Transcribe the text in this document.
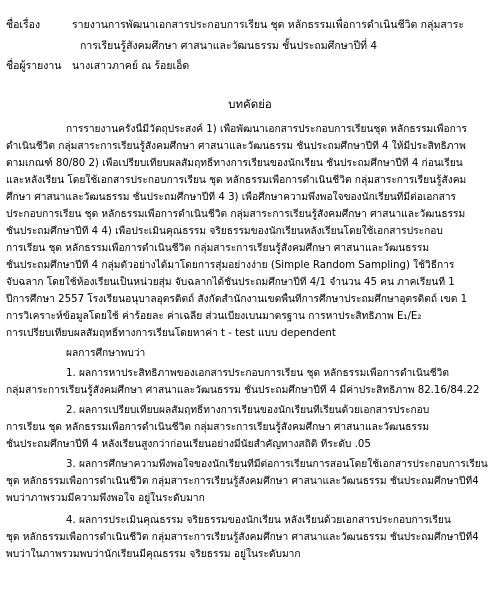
ชื่อเรื่อง	รายงานการพัฒนาเอกสารประกอบการเรียน ชุด หลักธรรมเพื่อการดำเนินชีวิต กลุ่มสาระ
การเรียนรู้สังคมศึกษา ศาสนาและวัฒนธรรม ชั้นประถมศึกษาปีที่ 4
ชื่อผู้รายงาน นางเสาวภาคย์ ณ ร้อยเอ็ด
บทคัดย่อ
การรายงานครั้งนี้มีวัตถุประสงค์ 1) เพื่อพัฒนาเอกสารประกอบการเรียนชุด หลักธรรมเพื่อการ
ดำเนินชีวิต กลุ่มสาระการเรียนรู้สังคมศึกษา ศาสนาและวัฒนธรรม ชั้นประถมศึกษาปีที่ 4 ให้มีประสิทธิภาพ
ตามเกณฑ์ 80/80 2) เพื่อเปรียบเทียบผลสัมฤทธิ์ทางการเรียนของนักเรียน ชั้นประถมศึกษาปีที่ 4 ก่อนเรียน
และหลังเรียน โดยใช้เอกสารประกอบการเรียน ชุด หลักธรรมเพื่อการดำเนินชีวิต กลุ่มสาระการเรียนรู้สังคม
ศึกษา ศาสนาและวัฒนธรรม ชั้นประถมศึกษาปีที่ 4 3) เพื่อศึกษาความพึงพอใจของนักเรียนที่มีต่อเอกสาร
ประกอบการเรียน ชุด หลักธรรมเพื่อการดำเนินชีวิต กลุ่มสาระการเรียนรู้สังคมศึกษา ศาสนาและวัฒนธรรม
ชั้นประถมศึกษาปีที่ 4 4) เพื่อประเมินคุณธรรม จริยธรรมของนักเรียนหลังเรียนโดยใช้เอกสารประกอบ
การเรียน ชุด หลักธรรมเพื่อการดำเนินชีวิต กลุ่มสาระการเรียนรู้สังคมศึกษา ศาสนาและวัฒนธรรม
ชั้นประถมศึกษาปีที่ 4 กลุ่มตัวอย่างได้มาโดยการสุ่มอย่างง่าย (Simple Random Sampling) ใช้วิธีการ
จับฉลาก โดยใช้ห้องเรียนเป็นหน่วยสุ่ม จับฉลากได้ชั้นประถมศึกษาปีที่ 4/1 จำนวน 45 คน ภาคเรียนที่ 1
ปีการศึกษา 2557 โรงเรียนอนุบาลอุตรดิตถ์ สังกัดสำนักงานเขตพื้นที่การศึกษาประถมศึกษาอุตรดิตถ์ เขต 1
การวิเคราะห์ข้อมูลโดยใช้ ค่าร้อยละ ค่าเฉลี่ย ส่วนเบี่ยงเบนมาตรฐาน การหาประสิทธิภาพ E₁/E₂
การเปรียบเทียบผลสัมฤทธิ์ทางการเรียนโดยหาค่า t - test แบบ dependent
ผลการศึกษาพบว่า
1. ผลการหาประสิทธิภาพของเอกสารประกอบการเรียน ชุด หลักธรรมเพื่อการดำเนินชีวิต
กลุ่มสาระการเรียนรู้สังคมศึกษา ศาสนาและวัฒนธรรม ชั้นประถมศึกษาปีที่ 4 มีค่าประสิทธิภาพ 82.16/84.22
2. ผลการเปรียบเทียบผลสัมฤทธิ์ทางการเรียนของนักเรียนที่เรียนด้วยเอกสารประกอบ
การเรียน ชุด หลักธรรมเพื่อการดำเนินชีวิต กลุ่มสาระการเรียนรู้สังคมศึกษา ศาสนาและวัฒนธรรม
ชั้นประถมศึกษาปีที่ 4 หลังเรียนสูงกว่าก่อนเรียนอย่างมีนัยสำคัญทางสถิติ ที่ระดับ .05
3. ผลการศึกษาความพึงพอใจของนักเรียนที่มีต่อการเรียนการสอนโดยใช้เอกสารประกอบการเรียน
ชุด หลักธรรมเพื่อการดำเนินชีวิต กลุ่มสาระการเรียนรู้สังคมศึกษา ศาสนาและวัฒนธรรม ชั้นประถมศึกษาปีที่4
พบว่าภาพรวมมีความพึงพอใจ อยู่ในระดับมาก
4. ผลการประเมินคุณธรรม จริยธรรมของนักเรียน หลังเรียนด้วยเอกสารประกอบการเรียน
ชุด หลักธรรมเพื่อการดำเนินชีวิต กลุ่มสาระการเรียนรู้สังคมศึกษา ศาสนาและวัฒนธรรม ชั้นประถมศึกษาปีที่4
พบว่าในภาพรวมพบว่านักเรียนมีคุณธรรม จริยธรรม อยู่ในระดับมาก
